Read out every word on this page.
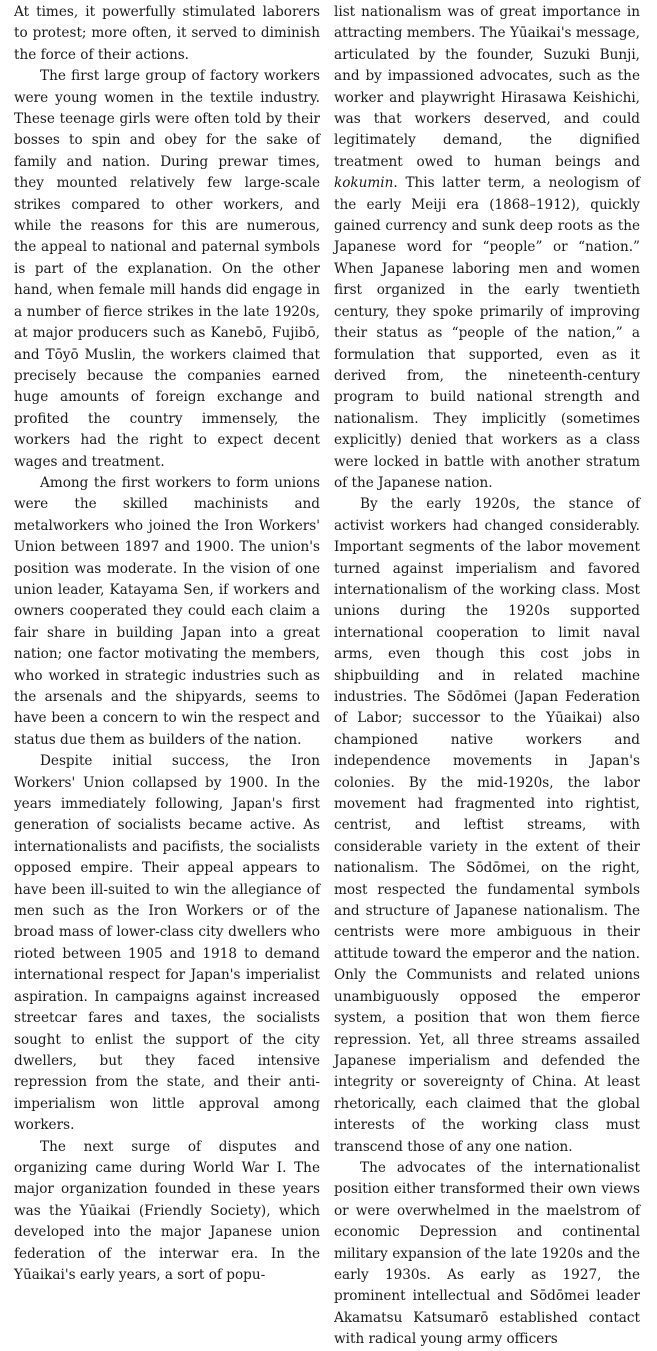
At times, it powerfully stimulated laborers to protest; more often, it served to diminish the force of their actions.

The first large group of factory workers were young women in the textile industry. These teenage girls were often told by their bosses to spin and obey for the sake of family and nation. During prewar times, they mounted relatively few large-scale strikes compared to other workers, and while the reasons for this are numerous, the appeal to national and paternal symbols is part of the explanation. On the other hand, when female mill hands did engage in a number of fierce strikes in the late 1920s, at major producers such as Kanebō, Fujibō, and Tōyō Muslin, the workers claimed that precisely because the companies earned huge amounts of foreign exchange and profited the country immensely, the workers had the right to expect decent wages and treatment.

Among the first workers to form unions were the skilled machinists and metalworkers who joined the Iron Workers' Union between 1897 and 1900. The union's position was moderate. In the vision of one union leader, Katayama Sen, if workers and owners cooperated they could each claim a fair share in building Japan into a great nation; one factor motivating the members, who worked in strategic industries such as the arsenals and the shipyards, seems to have been a concern to win the respect and status due them as builders of the nation.

Despite initial success, the Iron Workers' Union collapsed by 1900. In the years immediately following, Japan's first generation of socialists became active. As internationalists and pacifists, the socialists opposed empire. Their appeal appears to have been ill-suited to win the allegiance of men such as the Iron Workers or of the broad mass of lower-class city dwellers who rioted between 1905 and 1918 to demand international respect for Japan's imperialist aspiration. In campaigns against increased streetcar fares and taxes, the socialists sought to enlist the support of the city dwellers, but they faced intensive repression from the state, and their anti-imperialism won little approval among workers.

The next surge of disputes and organizing came during World War I. The major organization founded in these years was the Yūaikai (Friendly Society), which developed into the major Japanese union federation of the interwar era. In the Yūaikai's early years, a sort of popu-

list nationalism was of great importance in attracting members. The Yūaikai's message, articulated by the founder, Suzuki Bunji, and by impassioned advocates, such as the worker and playwright Hirasawa Keishichi, was that workers deserved, and could legitimately demand, the dignified treatment owed to human beings and kokumin. This latter term, a neologism of the early Meiji era (1868–1912), quickly gained currency and sunk deep roots as the Japanese word for “people” or “nation.” When Japanese laboring men and women first organized in the early twentieth century, they spoke primarily of improving their status as “people of the nation,” a formulation that supported, even as it derived from, the nineteenth-century program to build national strength and nationalism. They implicitly (sometimes explicitly) denied that workers as a class were locked in battle with another stratum of the Japanese nation.

By the early 1920s, the stance of activist workers had changed considerably. Important segments of the labor movement turned against imperialism and favored internationalism of the working class. Most unions during the 1920s supported international cooperation to limit naval arms, even though this cost jobs in shipbuilding and in related machine industries. The Sōdōmei (Japan Federation of Labor; successor to the Yūaikai) also championed native workers and independence movements in Japan's colonies. By the mid-1920s, the labor movement had fragmented into rightist, centrist, and leftist streams, with considerable variety in the extent of their nationalism. The Sōdōmei, on the right, most respected the fundamental symbols and structure of Japanese nationalism. The centrists were more ambiguous in their attitude toward the emperor and the nation. Only the Communists and related unions unambiguously opposed the emperor system, a position that won them fierce repression. Yet, all three streams assailed Japanese imperialism and defended the integrity or sovereignty of China. At least rhetorically, each claimed that the global interests of the working class must transcend those of any one nation.

The advocates of the internationalist position either transformed their own views or were overwhelmed in the maelstrom of economic Depression and continental military expansion of the late 1920s and the early 1930s. As early as 1927, the prominent intellectual and Sōdōmei leader Akamatsu Katsumarō established contact with radical young army officers
